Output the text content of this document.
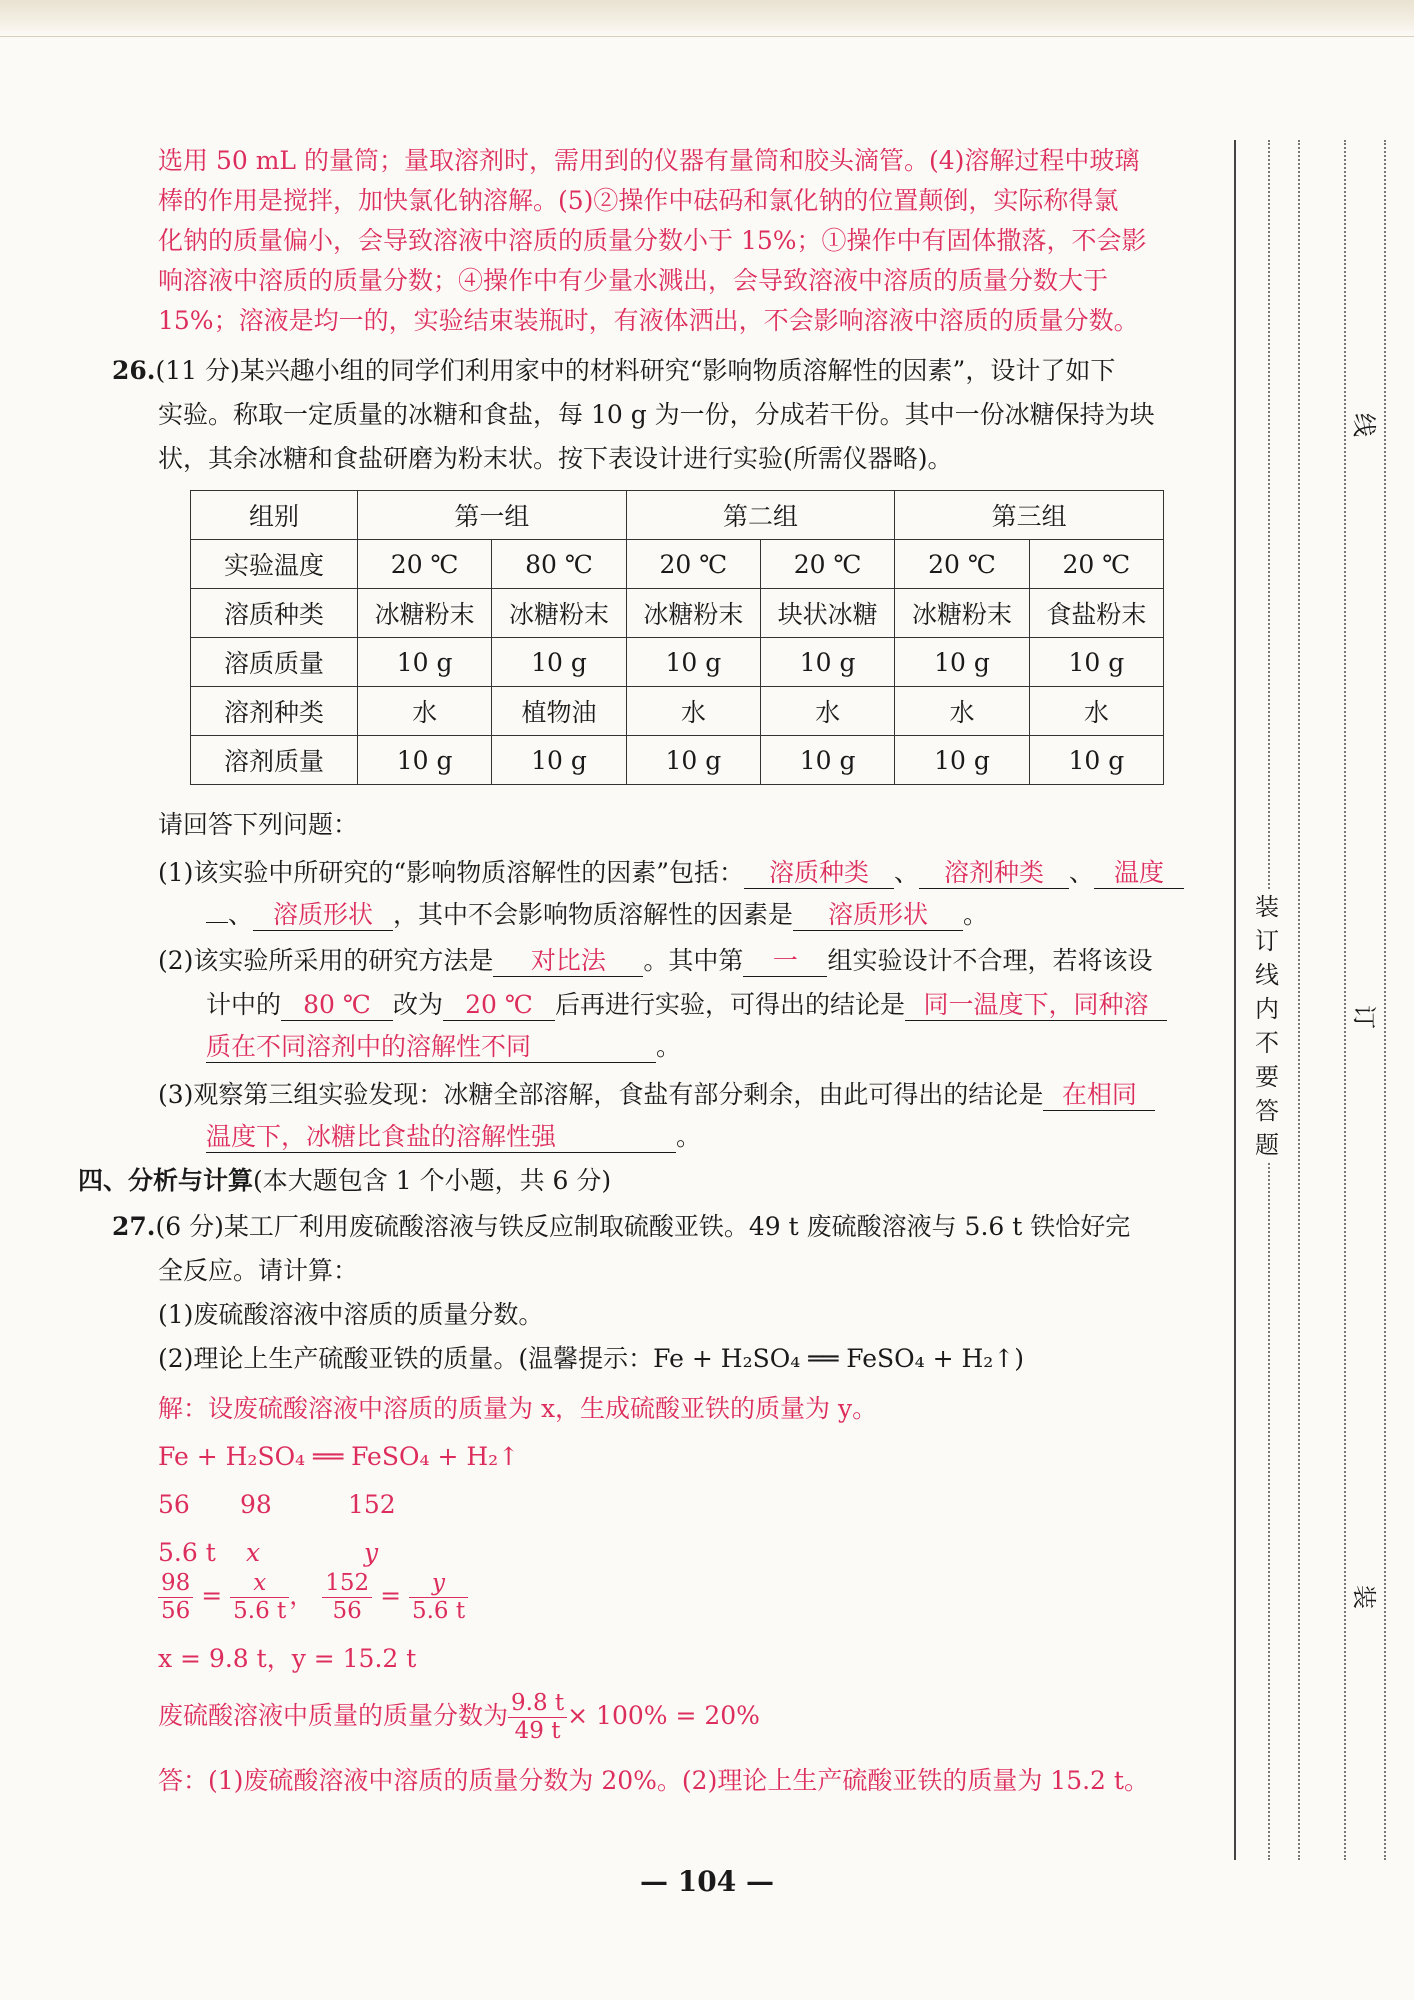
选用 50 mL 的量筒；量取溶剂时，需用到的仪器有量筒和胶头滴管。(4)溶解过程中玻璃
棒的作用是搅拌，加快氯化钠溶解。(5)②操作中砝码和氯化钠的位置颠倒，实际称得氯
化钠的质量偏小，会导致溶液中溶质的质量分数小于 15%；①操作中有固体撒落，不会影
响溶液中溶质的质量分数；④操作中有少量水溅出，会导致溶液中溶质的质量分数大于
15%；溶液是均一的，实验结束装瓶时，有液体洒出，不会影响溶液中溶质的质量分数。
26.(11 分)某兴趣小组的同学们利用家中的材料研究“影响物质溶解性的因素”，设计了如下
实验。称取一定质量的冰糖和食盐，每 10 g 为一份，分成若干份。其中一份冰糖保持为块
状，其余冰糖和食盐研磨为粉末状。按下表设计进行实验(所需仪器略)。
组别	第一组		第二组		第三组	
实验温度	20 ℃	80 ℃	20 ℃	20 ℃	20 ℃	20 ℃
溶质种类	冰糖粉末	冰糖粉末	冰糖粉末	块状冰糖	冰糖粉末	食盐粉末
溶质质量	10 g	10 g	10 g	10 g	10 g	10 g
溶剂种类	水	植物油	水	水	水	水
溶剂质量	10 g	10 g	10 g	10 g	10 g	10 g
请回答下列问题：
(1)该实验中所研究的“影响物质溶解性的因素”包括： 溶质种类 、 溶剂种类 、 温度
、 溶质形状 ，其中不会影响物质溶解性的因素是 溶质形状 。
(2)该实验所采用的研究方法是 对比法 。其中第 一 组实验设计不合理，若将该设
计中的 80 ℃ 改为 20 ℃ 后再进行实验，可得出的结论是 同一温度下，同种溶
质在不同溶剂中的溶解性不同	。
(3)观察第三组实验发现：冰糖全部溶解，食盐有部分剩余，由此可得出的结论是 在相同
温度下，冰糖比食盐的溶解性强	。
四、分析与计算(本大题包含 1 个小题，共 6 分)
27.(6 分)某工厂利用废硫酸溶液与铁反应制取硫酸亚铁。49 t 废硫酸溶液与 5.6 t 铁恰好完
全反应。请计算：
(1)废硫酸溶液中溶质的质量分数。
(2)理论上生产硫酸亚铁的质量。(温馨提示：Fe + H₂SO₄ ══ FeSO₄ + H₂↑)
解：设废硫酸溶液中溶质的质量为 x，生成硫酸亚铁的质量为 y。
Fe + H₂SO₄ ══ FeSO₄ + H₂↑
56 98	152
5.6 t x	y
$\frac{98}{56} = \frac{x}{5.6 t}$ ， $\frac{152}{56} = \frac{y}{5.6 t}$
x = 9.8 t，y = 15.2 t
废硫酸溶液中质量的质量分数为 $\frac{9.8 t}{49 t} \times 100\% = 20\%$
答：(1)废硫酸溶液中溶质的质量分数为 20%。(2)理论上生产硫酸亚铁的质量为 15.2 t。
— 104 —
装订线内不要答题
线
订
装
